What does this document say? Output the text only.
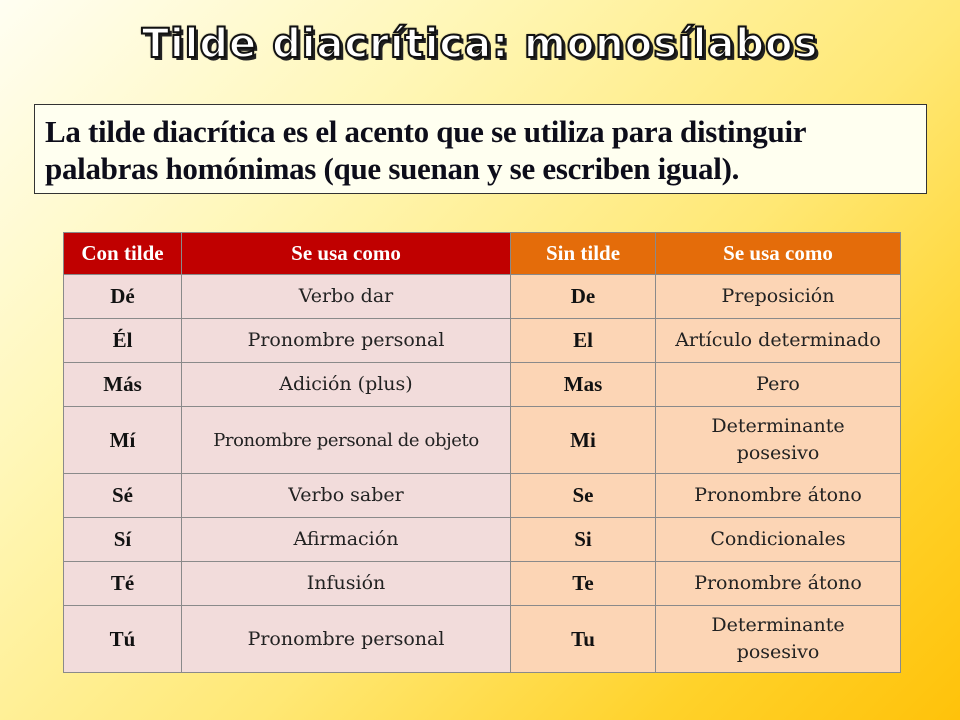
Tilde diacrítica: monosílabos

La tilde diacrítica es el acento que se utiliza para distinguir
palabras homónimas (que suenan y se escriben igual).

Con tilde	Se usa como	Sin tilde	Se usa como
Dé	Verbo dar	De	Preposición
Él	Pronombre personal	El	Artículo determinado
Más	Adición (plus)	Mas	Pero
Mí	Pronombre personal de objeto	Mi	Determinante posesivo
Sé	Verbo saber	Se	Pronombre átono
Sí	Afirmación	Si	Condicionales
Té	Infusión	Te	Pronombre átono
Tú	Pronombre personal	Tu	Determinante posesivo
